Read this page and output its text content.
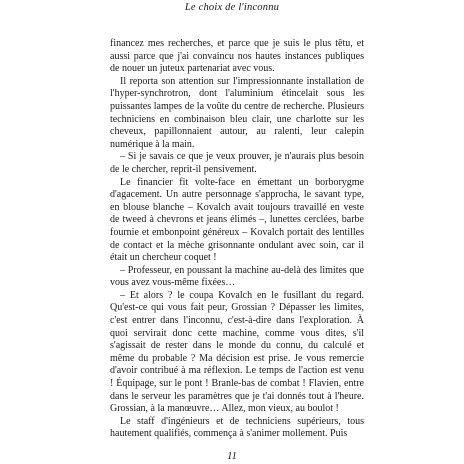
Le choix de l'inconnu

financez mes recherches, et parce que je suis le plus têtu, et aussi parce que j'ai convaincu nos hautes instances publiques de nouer un juteux partenariat avec vous.

Il reporta son attention sur l'impressionnante installation de l'hyper-synchrotron, dont l'aluminium étincelait sous les puissantes lampes de la voûte du centre de recherche. Plusieurs techniciens en combinaison bleu clair, une charlotte sur les cheveux, papillonnaient autour, au ralenti, leur calepin numérique à la main.

– Si je savais ce que je veux prouver, je n'aurais plus besoin de le chercher, reprit-il pensivement.

Le financier fit volte-face en émettant un borborygme d'agacement. Un autre personnage s'approcha, le savant type, en blouse blanche – Kovalch avait toujours travaillé en veste de tweed à chevrons et jeans élimés –, lunettes cerclées, barbe fournie et embonpoint généreux – Kovalch portait des lentilles de contact et la mèche grisonnante ondulant avec soin, car il était un chercheur coquet !

– Professeur, en poussant la machine au-delà des limites que vous avez vous-même fixées…

– Et alors ? le coupa Kovalch en le fusillant du regard. Qu'est-ce qui vous fait peur, Grossian ? Dépasser les limites, c'est entrer dans l'inconnu, c'est-à-dire dans l'exploration. À quoi servirait donc cette machine, comme vous dites, s'il s'agissait de rester dans le monde du connu, du calculé et même du probable ? Ma décision est prise. Je vous remercie d'avoir contribué à ma réflexion. Le temps de l'action est venu ! Équipage, sur le pont ! Branle-bas de combat ! Flavien, entre dans le serveur les paramètres que je t'ai donnés tout à l'heure. Grossian, à la manœuvre… Allez, mon vieux, au boulot !

Le staff d'ingénieurs et de techniciens supérieurs, tous hautement qualifiés, commença à s'animer mollement. Puis

11
